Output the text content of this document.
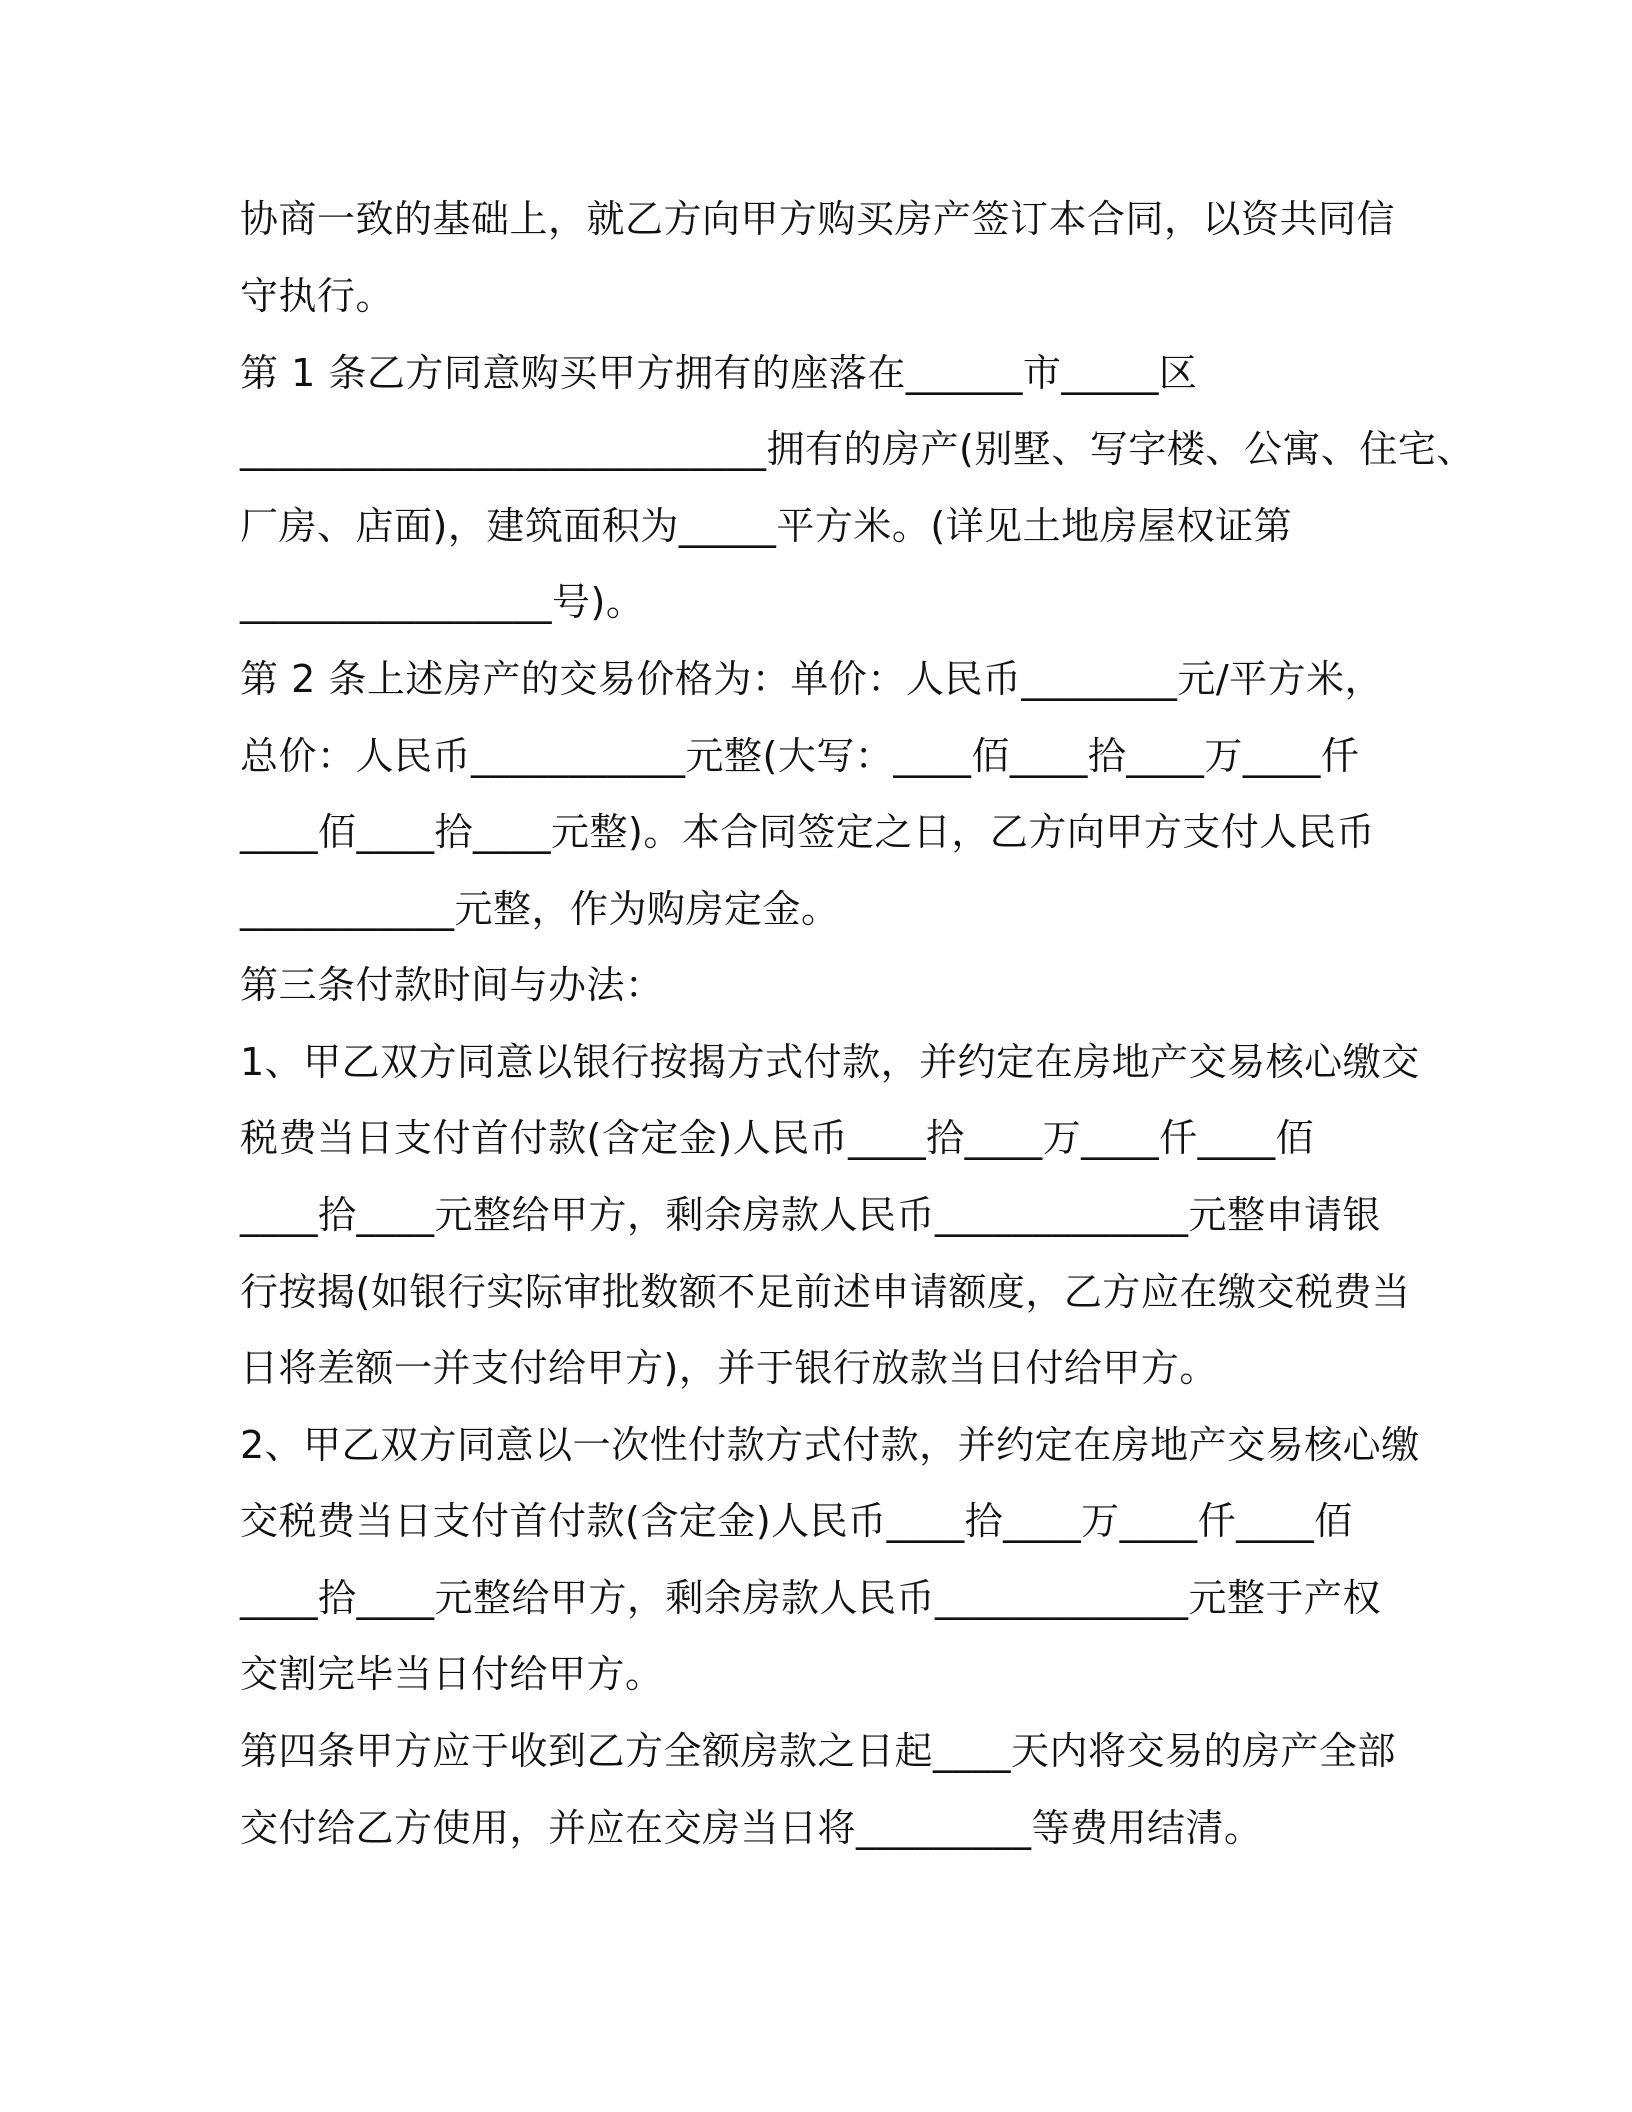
协商一致的基础上，就乙方向甲方购买房产签订本合同，以资共同信

守执行。

第 1 条乙方同意购买甲方拥有的座落在______市_____区

___________________________拥有的房产(别墅、写字楼、公寓、住宅、

厂房、店面)，建筑面积为_____平方米。(详见土地房屋权证第

________________号)。

第 2 条上述房产的交易价格为：单价：人民币________元/平方米，

总价：人民币___________元整(大写：____佰____拾____万____仟

____佰____拾____元整)。本合同签定之日，乙方向甲方支付人民币

___________元整，作为购房定金。

第三条付款时间与办法：

1、甲乙双方同意以银行按揭方式付款，并约定在房地产交易核心缴交

税费当日支付首付款(含定金)人民币____拾____万____仟____佰

____拾____元整给甲方，剩余房款人民币_____________元整申请银

行按揭(如银行实际审批数额不足前述申请额度，乙方应在缴交税费当

日将差额一并支付给甲方)，并于银行放款当日付给甲方。

2、甲乙双方同意以一次性付款方式付款，并约定在房地产交易核心缴

交税费当日支付首付款(含定金)人民币____拾____万____仟____佰

____拾____元整给甲方，剩余房款人民币_____________元整于产权

交割完毕当日付给甲方。

第四条甲方应于收到乙方全额房款之日起____天内将交易的房产全部

交付给乙方使用，并应在交房当日将_________等费用结清。
